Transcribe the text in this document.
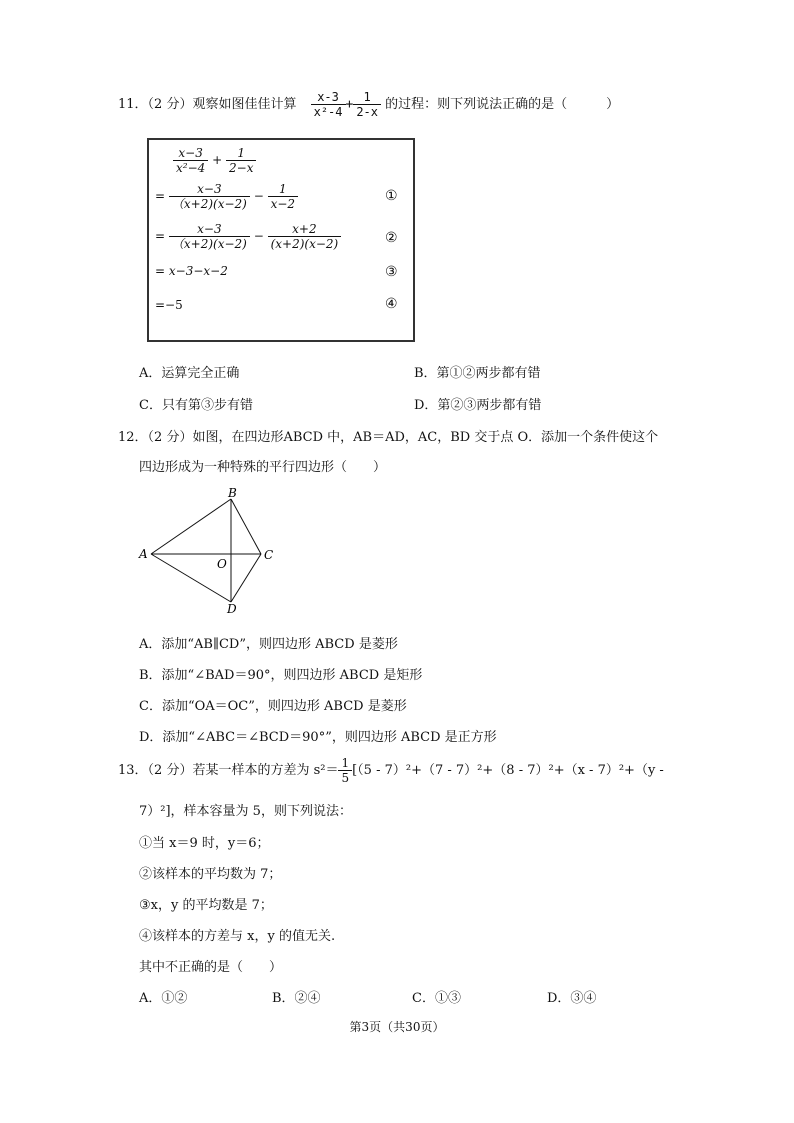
11．（2 分）观察如图佳佳计算 $\frac{x-3}{\text{x²-4}} + \frac{1}{2-x}$ 的过程：则下列说法正确的是（　　　）
$\frac{x-3}{\text{x²−4}} + \frac{1}{2-x}$
= $\frac{x-3}{(x+2)(x-2)} - \frac{1}{x-2}$	①
= $\frac{x-3}{(x+2)(x-2)} - \frac{x+2}{(x+2)(x-2)}$	②
= x−3−x−2	③
=−5	④
A．运算完全正确	B．第①②两步都有错
C．只有第③步有错	D．第②③两步都有错
12．（2 分）如图，在四边形ABCD 中，AB＝AD，AC，BD 交于点 O．添加一个条件使这个
四边形成为一种特殊的平行四边形（　　）
A
B
C
D
O
A．添加“AB∥CD”，则四边形 ABCD 是菱形
B．添加“∠BAD＝90°，则四边形 ABCD 是矩形
C．添加“OA＝OC”，则四边形 ABCD 是菱形
D．添加“∠ABC＝∠BCD＝90°”，则四边形 ABCD 是正方形
13．（2 分）若某一样本的方差为 $s^2= \frac{1}{5} [(5 - 7)^2+(7 - 7)^2+(8 - 7)^2+(x - 7)^2+(y$ -
7）²]，样本容量为 5，则下列说法：
①当 x＝9 时，y＝6；
②该样本的平均数为 7；
③x，y 的平均数是 7；
④该样本的方差与 x，y 的值无关.
其中不正确的是（　　）
A．①②	B．②④	C．①③	D．③④
第3页（共30页）
